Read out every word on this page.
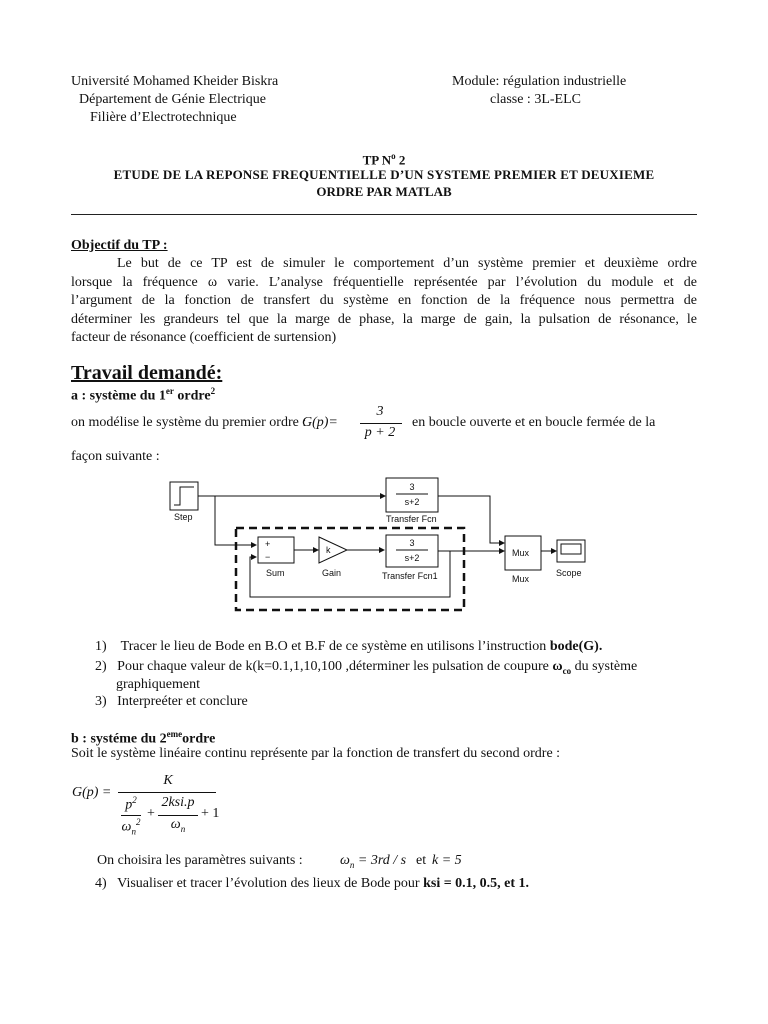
Université Mohamed Kheider Biskra
Département de Génie Electrique
Filière d’Electrotechnique
Module: régulation industrielle
classe : 3L-ELC
TP $N^o$ 2
ETUDE DE LA REPONSE FREQUENTIELLE D’UN SYSTEME PREMIER ET DEUXIEME
ORDRE PAR MATLAB
Objectif du TP :
Le but de ce TP est de simuler le comportement d’un système premier et deuxième ordre
lorsque la fréquence ω varie. L’analyse fréquentielle représentée par l’évolution du module et de
l’argument de la fonction de transfert du système en fonction de la fréquence nous permettra de
déterminer les grandeurs tel que la marge de phase, la marge de gain, la pulsation de résonance, le
facteur de résonance (coefficient de surtension)
Travail demandé:
a : système du 1er ordre$^2$
on modélise le système du premier ordre :
G(p)=
3
p + 2
en boucle ouverte et en boucle fermée de la
façon suivante :
Step
3
s+2
Transfer Fcn
+
−
Sum
k
Gain
3
s+2
Transfer Fcn1
Mux
Mux
Scope
1) Tracer le lieu de Bode en B.O et B.F de ce système en utilisons l’instruction bode(G).
2) Pour chaque valeur de k(k=0.1,1,10,100 ,déterminer les pulsation de coupure $\omega_{co}$ du système
graphiquement
3) Interpreéter et conclure
b : systéme du 2emeordre
Soit le système linéaire continu représente par la fonction de transfert du second ordre :
G(p) =
K
$p^2$
$\omega_n^2$
+
2ksi.p
$\omega_n$
+ 1
On choisira les paramètres suivants :	$\omega_n = 3rd / s$ et k = 5
4) Visualiser et tracer l’évolution des lieux de Bode pour ksi = 0.1, 0.5, et 1.
